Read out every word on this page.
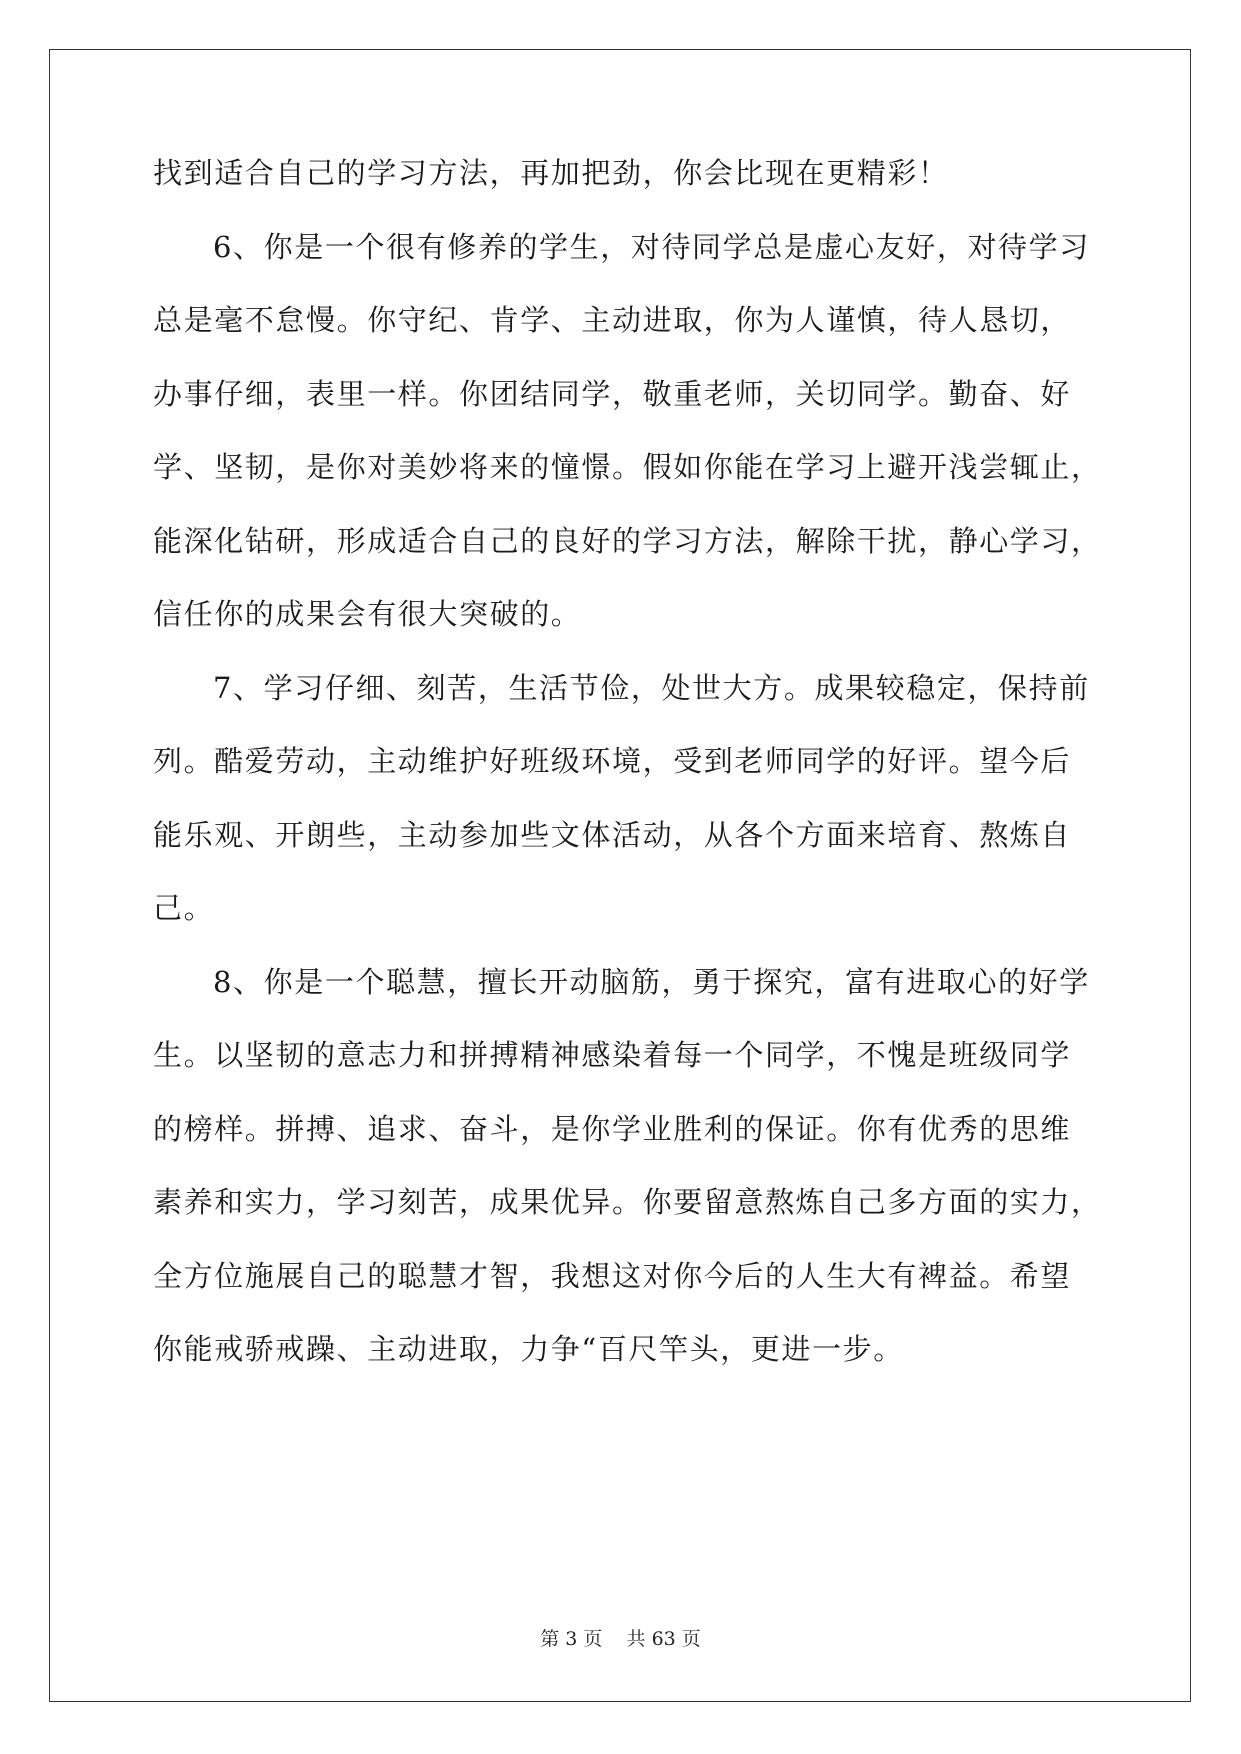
找到适合自己的学习方法，再加把劲，你会比现在更精彩！
6、你是一个很有修养的学生，对待同学总是虚心友好，对待学习
总是毫不怠慢。你守纪、肯学、主动进取，你为人谨慎，待人恳切，
办事仔细，表里一样。你团结同学，敬重老师，关切同学。勤奋、好
学、坚韧，是你对美妙将来的憧憬。假如你能在学习上避开浅尝辄止，
能深化钻研，形成适合自己的良好的学习方法，解除干扰，静心学习，
信任你的成果会有很大突破的。
7、学习仔细、刻苦，生活节俭，处世大方。成果较稳定，保持前
列。酷爱劳动，主动维护好班级环境，受到老师同学的好评。望今后
能乐观、开朗些，主动参加些文体活动，从各个方面来培育、熬炼自
己。
8、你是一个聪慧，擅长开动脑筋，勇于探究，富有进取心的好学
生。以坚韧的意志力和拼搏精神感染着每一个同学，不愧是班级同学
的榜样。拼搏、追求、奋斗，是你学业胜利的保证。你有优秀的思维
素养和实力，学习刻苦，成果优异。你要留意熬炼自己多方面的实力，
全方位施展自己的聪慧才智，我想这对你今后的人生大有裨益。希望
你能戒骄戒躁、主动进取，力争“百尺竿头，更进一步。
第 3 页    共 63 页
